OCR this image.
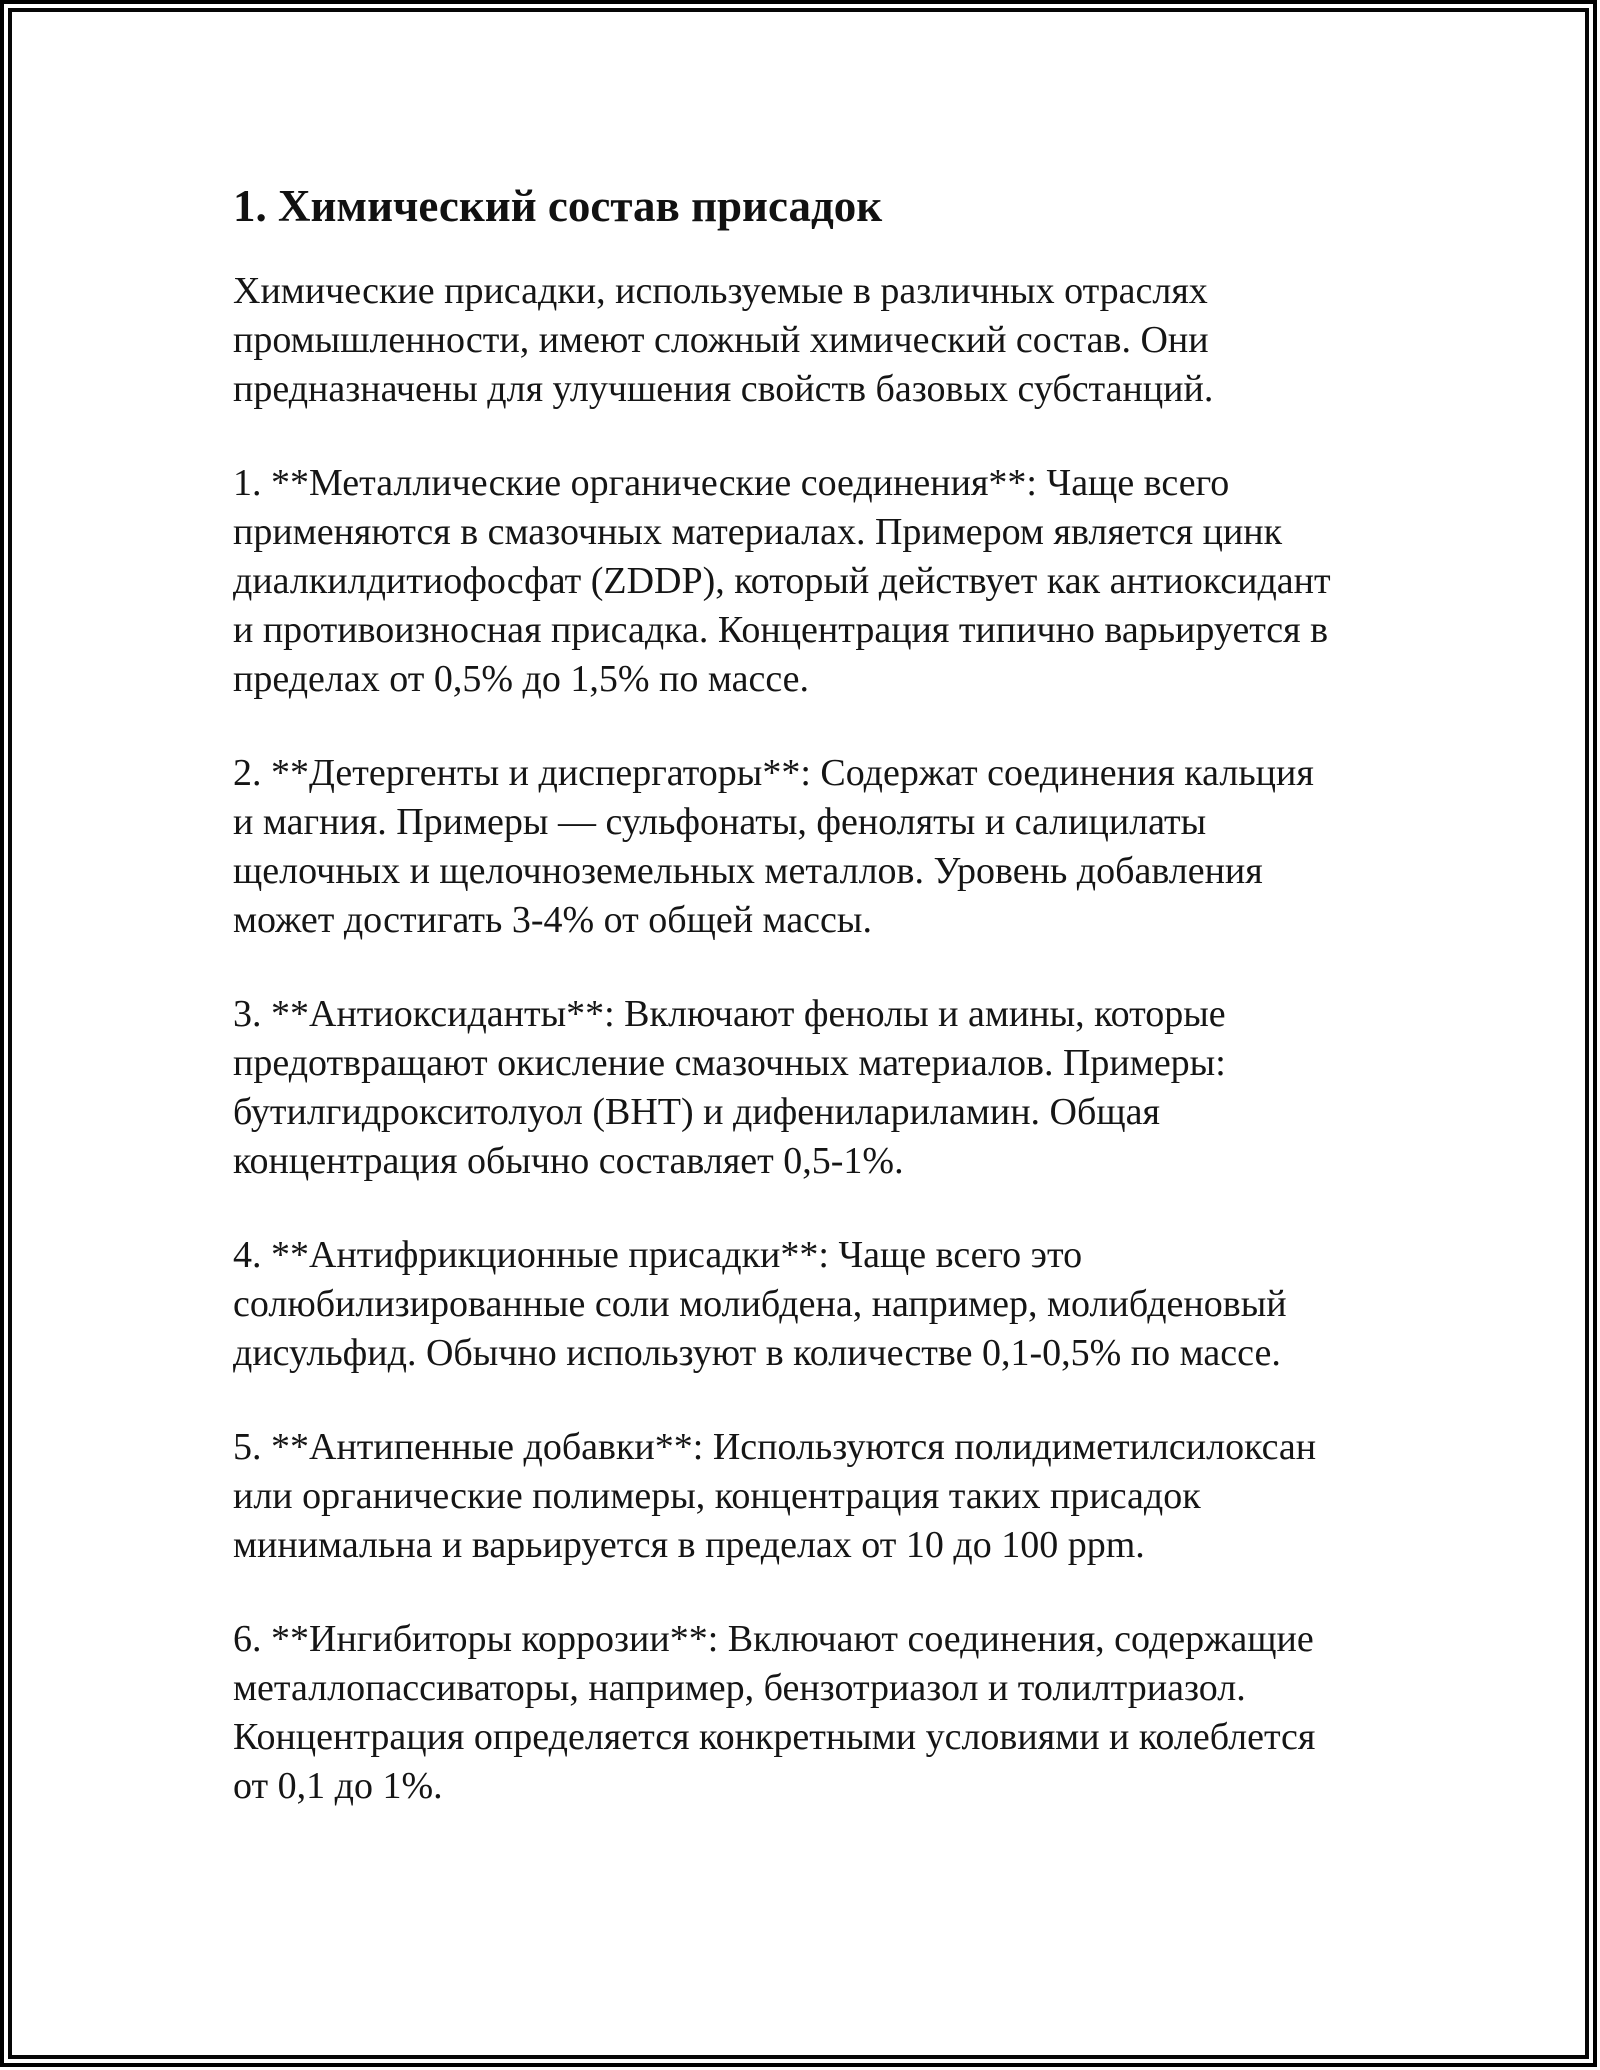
1. Химический состав присадок

Химические присадки, используемые в различных отраслях промышленности, имеют сложный химический состав. Они предназначены для улучшения свойств базовых субстанций.

1. **Металлические органические соединения**: Чаще всего применяются в смазочных материалах. Примером является цинк диалкилдитиофосфат (ZDDP), который действует как антиоксидант и противоизносная присадка. Концентрация типично варьируется в пределах от 0,5% до 1,5% по массе.

2. **Детергенты и диспергаторы**: Содержат соединения кальция и магния. Примеры — сульфонаты, феноляты и салицилаты щелочных и щелочноземельных металлов. Уровень добавления может достигать 3-4% от общей массы.

3. **Антиоксиданты**: Включают фенолы и амины, которые предотвращают окисление смазочных материалов. Примеры: бутилгидрокситолуол (BHT) и дифенилариламин. Общая концентрация обычно составляет 0,5-1%.

4. **Антифрикционные присадки**: Чаще всего это солюбилизированные соли молибдена, например, молибденовый дисульфид. Обычно используют в количестве 0,1-0,5% по массе.

5. **Антипенные добавки**: Используются полидиметилсилоксан или органические полимеры, концентрация таких присадок минимальна и варьируется в пределах от 10 до 100 ppm.

6. **Ингибиторы коррозии**: Включают соединения, содержащие металлопассиваторы, например, бензотриазол и толилтриазол. Концентрация определяется конкретными условиями и колеблется от 0,1 до 1%.
